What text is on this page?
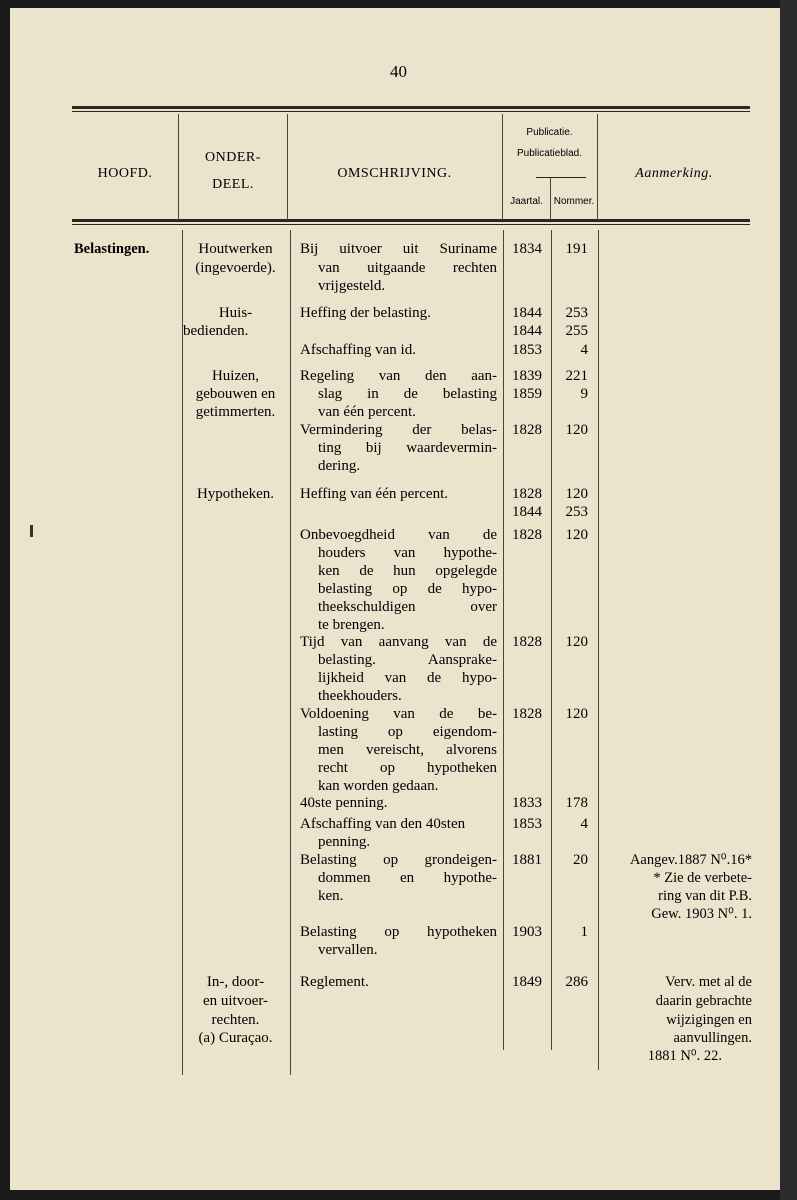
40
HOOFD.
ONDER-
DEEL.
OMSCHRIJVING.
Publicatie.
Publicatieblad.
Jaartal.	Nommer.
Aanmerking.
Belastingen.	Houtwerken
(ingevoerde).
Huis-
bedienden.
Huizen,
gebouwen en
getimmerten.
Hypotheken.
In-, door-
en uitvoer-
rechten.
(a) Curaçao.
Bij uitvoer uit Suriname
van uitgaande rechten
vrijgesteld.
Heffing der belasting.
Afschaffing van id.
Regeling van den aan-
slag in de belasting
van één percent.
Vermindering der belas-
ting bij waardevermin-
dering.
Heffing van één percent.
Onbevoegdheid van de
houders van hypothe-
ken de hun opgelegde
belasting op de hypo-
theekschuldigen over
te brengen.
Tijd van aanvang van de
belasting. Aansprake-
lijkheid van de hypo-
theekhouders.
Voldoening van de be-
lasting op eigendom-
men vereischt, alvorens
recht op hypotheken
kan worden gedaan.
40ste penning.
Afschaffing van den 40sten
penning.
Belasting op grondeigen-
dommen en hypothe-
ken.
Belasting op hypotheken
vervallen.
Reglement.
1834
1844
1844
1853
1839
1859
1828
1828
1844
1828
1828
1828
1833
1853
1881
1903
1849
191
253
255
4
221
9
120
120
253
120
120
120
178
4
20
1
286
Aangev.1887 N⁰.16*
* Zie de verbete-
ring van dit P.B.
Gew. 1903 N⁰. 1.
Verv. met al de
daarin gebrachte
wijzigingen en
aanvullingen.
1881 N⁰. 22.
